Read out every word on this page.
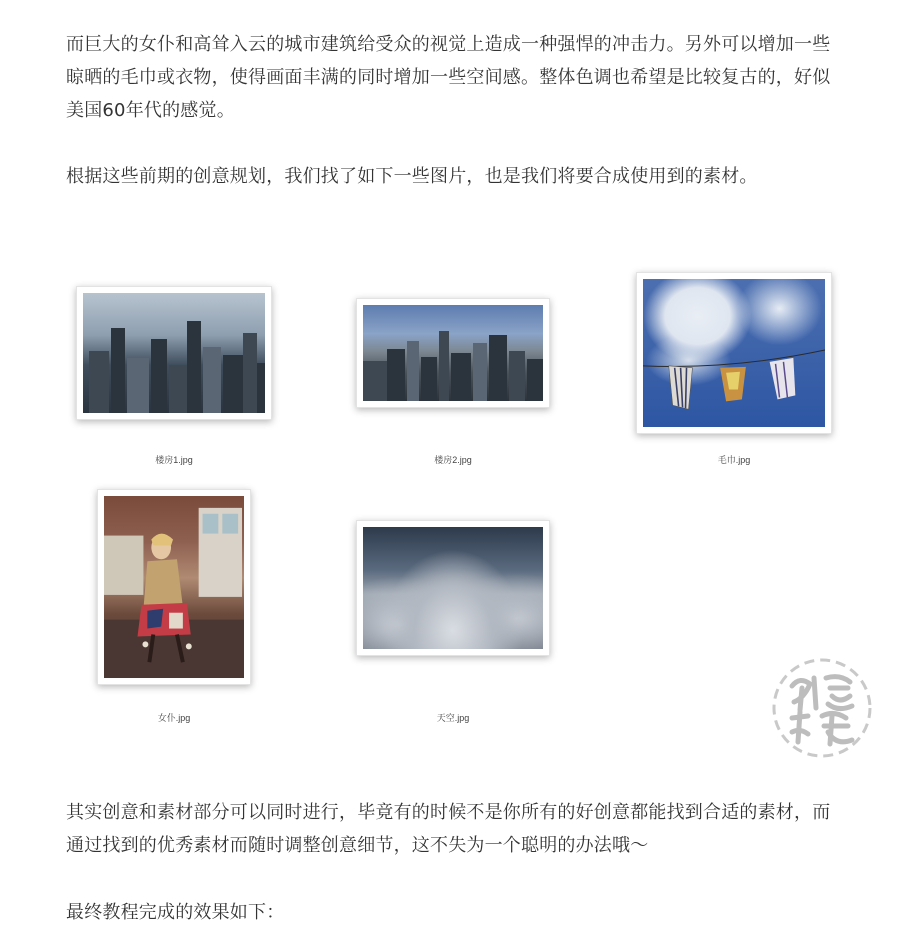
而巨大的女仆和高耸入云的城市建筑给受众的视觉上造成一种强悍的冲击力。另外可以增加一些晾晒的毛巾或衣物，使得画面丰满的同时增加一些空间感。整体色调也希望是比较复古的，好似美国60年代的感觉。

根据这些前期的创意规划，我们找了如下一些图片，也是我们将要合成使用到的素材。

楼房1.jpg	楼房2.jpg	毛巾.jpg
女仆.jpg	天空.jpg

其实创意和素材部分可以同时进行，毕竟有的时候不是你所有的好创意都能找到合适的素材，而通过找到的优秀素材而随时调整创意细节，这不失为一个聪明的办法哦～

最终教程完成的效果如下：
